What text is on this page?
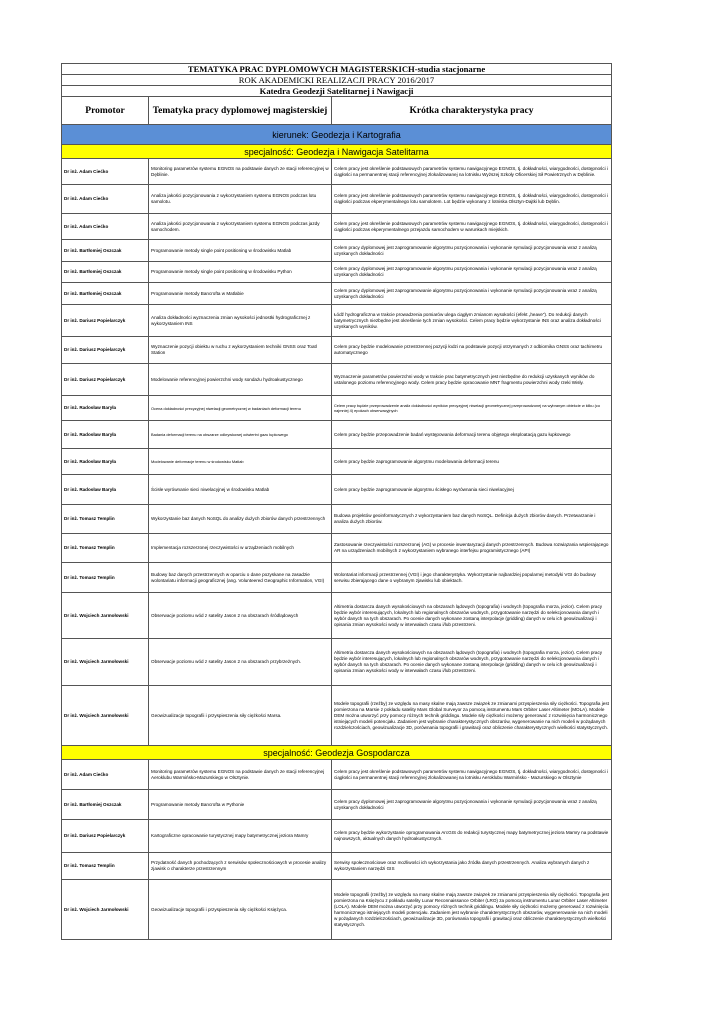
TEMATYKA PRAC DYPLOMOWYCH MAGISTERSKICH-studia stacjonarne		
ROK AKADEMICKI REALIZACJI PRACY 2016/2017		
Katedra Geodezji Satelitarnej i Nawigacji		
Promotor	Tematyka pracy dyplomowej magisterskiej	Krótka charakterystyka pracy
kierunek: Geodezja i Kartografia		
specjalność: Geodezja i Nawigacja Satelitarna		
Dr inż. Adam Ciećko	Monitoring parametrów systemu EGNOS na podstawie danych ze stacji referencyjnej w Dęblinie.	Celem pracy jest określenie podstawowych parametrów systemu nawigacyjnego EGNOS, tj. dokładności, wiarygodności, dostępności i ciągłości na permanentnej stacji referencyjnej zlokalizowanej na lotnisku Wyższej Szkoły Oficerskiej Sił Powietrznych w Dęblinie.
Dr inż. Adam Ciećko	Analiza jakości pozycjonowania z wykorzystaniem systemu EGNOS podczas lotu samolotu.	Celem pracy jest określenie podstawowych parametrów systemu nawigacyjnego EGNOS, tj. dokładności, wiarygodności, dostępności i ciągłości podczas ekperymentalnego lotu samolotem. Lot będzie wykonany z lotniska Olsztyn-Dajtki lub Dęblin.
Dr inż. Adam Ciećko	Analiza jakości pozycjonowania z wykorzystaniem systemu EGNOS podczas jazdy samochodem.	Celem pracy jest określenie podstawowych parametrów systemu nawigacyjnego EGNOS, tj. dokładności, wiarygodności, dostępności i ciągłości podczas ekperymentalnego przejazdu samochodem w warunkach miejskich.
Dr inż. Bartłomiej Oszczak	Programowanie metody single point positioning w środowisku Matlab	Celem pracy dyplomowej jest zaprogramowanie algorytmu pozycjonowania i wykonanie symulacji pozycjonowania wraz z analizą uzyskanych dokładności
Dr inż. Bartłomiej Oszczak	Programowanie metody single point positioning w środowisku Python	Celem pracy dyplomowej jest zaprogramowanie algorytmu pozycjonowania i wykonanie symulacji pozycjonowania wraz z analizą uzyskanych dokładności
Dr inż. Bartłomiej Oszczak	Programowanie metody Bancrofta w Matlabie	Celem pracy dyplomowej jest zaprogramowanie algorytmu pozycjonowania i wykonanie symulacji pozycjonowania wraz z analizą uzyskanych dokładności
Dr inż. Dariusz Popielarczyk	Analiza dokładności wyznaczenia zmian wysokości jednostki hydrograficznej z wykorzystaniem INS	Łódź hydrograficzna w trakcie prowadzenia pomiarów ulega ciągłym zmianom wysokości (efekt „heave”). Do redukcji danych batymetrycznych niezbędne jest określenie tych zmian wysokości. Celem pracy będzie wykorzystanie INS oraz analiza dokładności uzyskanych wyników.
Dr inż. Dariusz Popielarczyk	Wyznaczenie pozycji obiektu w ruchu z wykorzystaniem techniki GNSS oraz Toatl Station	Celem pracy będzie modelowanie przestrzennej pozycji łodzi na podstawie pozycji otrzymanych z odbiornika GNSS oraz tachimetru automatycznego
Dr inż. Dariusz Popielarczyk	Modelowanie referencyjnej powierzchni wody sondażu hydroakustycznego	Wyznaczenie parametrów powierzchni wody w trakcie prac batymetrycznych jest niezbędne do redukcji uzyskanych wyników do ustalonego poziomu referencyjnego wody. Celem pracy będzie opracowanie MNT fragmentu powierzchni wody rzeki Wisły.
Dr inż. Radosław Baryła	Ocena dokładności precyzyjnej niwelacji geometrycznej w badaniach deformacji terenu	Celem pracy będzie przeprowadzenie analiz dokładności wyników precyzyjnej niwelacji geometrycznej przeprowadzonej na wybranym obiekcie w kilku (co najmniej 4) epokach obserwacyjnych
Dr inż. Radosław Baryła	Badania deformacji terenu na obszarze odkrywkowej odwiertni gazu łupkowego	Celem pracy będzie przepowadzenie badań występowania deformacji terenu objętego eksploatacją gazu łupkowego
Dr inż. Radosław Baryła	Modelowanie deformacje terenu w środowisku Matlab	Celem pracy będzie zaprogramowanie algorytmu modelowania deformacji terenu
Dr inż. Radosław Baryła	Ścisłe wyrównanie sieci niwelacyjnej w środowisku Matlab	Celem pracy będzie zaprogramowanie algorytmu ścisłego wyrównania sieci niwelacyjnej
Dr inż. Tomasz Templin	Wykorzystanie baz danych NoSQL do analizy dużych zbiorów danych przestrzennych	Budowa projektów geoinformatycznych z wykorzystaniem baz danych NoSQL. Definicja dużych zbiorów danych. Przetwarzanie i analiza dużych zbiorów.
Dr inż. Tomasz Templin	Implementacja rozszerzonej rzeczywistości w urządzeniach mobilnych	Zastosowanie rzeczywistości rozszerzonej (AG) w procesie inwentaryzacji danych przestrzennych. Budowa rozwiązania wspierającego AR na urządzeniach mobilnych z wykorzystaniem wybranego interfejsu programistycznego (API)
Dr inż. Tomasz Templin	Budowy baz danych przestrzennych w oparciu o dane pozyskane na zasadzie wolontariatu informacji geograficznej (ang. Volunteered Geographic Information, VGI)	Wolontariat informacji przestrzennej (VGI) i jego charakterystyka. Wykorzystanie najbardziej popularnej metodyki VGI do budowy serwisu zbierającego dane o wybranym zjawisku lub obiektach.
Dr inż. Wojciech Jarmołowski	Obserwacje poziomu wód z satelity Jason 2 na obszarach śródlądowych	Altimetria dostarcza danych wysokościowych na obszarach lądowych (topografia) i wodnych (topografia morza, jezior). Celem pracy będzie wybór interesujących, lokalnych lub regionalnych obszarów wodnych, przygotowanie narzędzi do selekcjonowania danych i wybór danych na tych obszarach. Po ocenie danych wykonane zostaną interpolacje (gridding) danych w celu ich geowizualizacji i opisania zmian wysokości wody w interwałach czasu i/lub przestrzeni.
Dr inż. Wojciech Jarmołowski	Obserwacje poziomu wód z satelity Jason 2 na obszarach przybrzeżnych.	Altimetria dostarcza danych wysokościowych na obszarach lądowych (topografia) i wodnych (topografia morza, jezior). Celem pracy będzie wybór interesujących, lokalnych lub regionalnych obszarów wodnych, przygotowanie narzędzi do selekcjonowania danych i wybór danych na tych obszarach. Po ocenie danych wykonane zostaną interpolacje (gridding) danych w celu ich geowizualizacji i opisania zmian wysokości wody w interwałach czasu i/lub przestrzeni.
Dr inż. Wojciech Jarmołowski	Geowizualizacje topografii i przyspieszenia siły ciężkości Marsa.	Modele topografii (rzeźby) ze względu na masy skalne mają zawsze związek ze zmianami przyspieszenia siły ciężkości. Topografia jest pomierzona na Marsie z pokładu satelity Mars Global Surveyor za pomocą instrumentu Mars Orbiter Laser Altimeter (MOLA). Modele DEM można utworzyć przy pomocy różnych technik griddingu. Modele siły ciężkości możemy generować z rozwinięcia harmonicznego istniejących modeli potencjału. Zadaniem jest wybranie charakterystycznych obszarów, wygenerowanie na nich modeli w pożądanych rozdzielczościach, geowizualizacje 3D, porównania topografii i grawitacji oraz obliczenie charakterystycznych wielkości statystycznych.
specjalność: Geodezja Gospodarcza		
Dr inż. Adam Ciećko	Monitoring parametrów systemu EGNOS na podstawie danych ze stacji referencyjnej Aeroklubu Warmińsko-Mazurskiego w Olsztynie.	Celem pracy jest określenie podstawowych parametrów systemu nawigacyjnego EGNOS, tj. dokładności, wiarygodności, dostępności i ciągłości na permanentnej stacji referencyjnej zlokalizowanej na lotnisku Aeroklubu Warmińsko - Mazurskiego w Olsztynie
Dr inż. Bartłomiej Oszczak	Programowanie metody Bancrofta w Pythonie	Celem pracy dyplomowej jest zaprogramowanie algorytmu pozycjonowania i wykonanie symulacji pozycjonowania wraz z analizą uzyskanych dokładności
Dr inż. Dariusz Popielarczyk	Kartograficzne opracowanie turystycznej mapy batymetrycznej jeziora Mamry	Celem pracy będzie wykorzystanie oprogramowania ArcGIS do redakcji turystycznej mapy batymetrycznej jeziora Mamry na podstawie najnowszych, aktualnych danych hydroakustycznych.
Dr inż. Tomasz Templin	Przydatność danych pochodzących z serwisów społecznościowych w procesie analizy zjawisk o charakterze przestrzennym	Serwisy społecznościowe oraz możliwości ich wykorzystania jako źródła danych przestrzennych. Analiza wybranych danych z wykorzystaniem narzędzi GIS
Dr inż. Wojciech Jarmołowski	Geowizualizacje topografii i przyspieszenia siły ciężkości Księżyca.	Modele topografii (rzeźby) ze względu na masy skalne mają zawsze związek ze zmianami przyspieszenia siły ciężkości. Topografia jest pomierzona na Księżycu z pokładu satelity Lunar Reconnaissance Orbiter (LRO) za pomocą instrumentu Lunar Orbiter Laser Altimeter (LOLA). Modele DEM można utworzyć przy pomocy różnych technik griddingu. Modele siły ciężkości możemy generować z rozwinięcia harmonicznego istniejących modeli potencjału. Zadaniem jest wybranie charakterystycznych obszarów, wygenerowanie na nich modeli w pożądanych rozdzielczościach, geowizualizacje 3D, porównania topografii i grawitacji oraz obliczenie charakterystycznych wielkości statystycznych.
